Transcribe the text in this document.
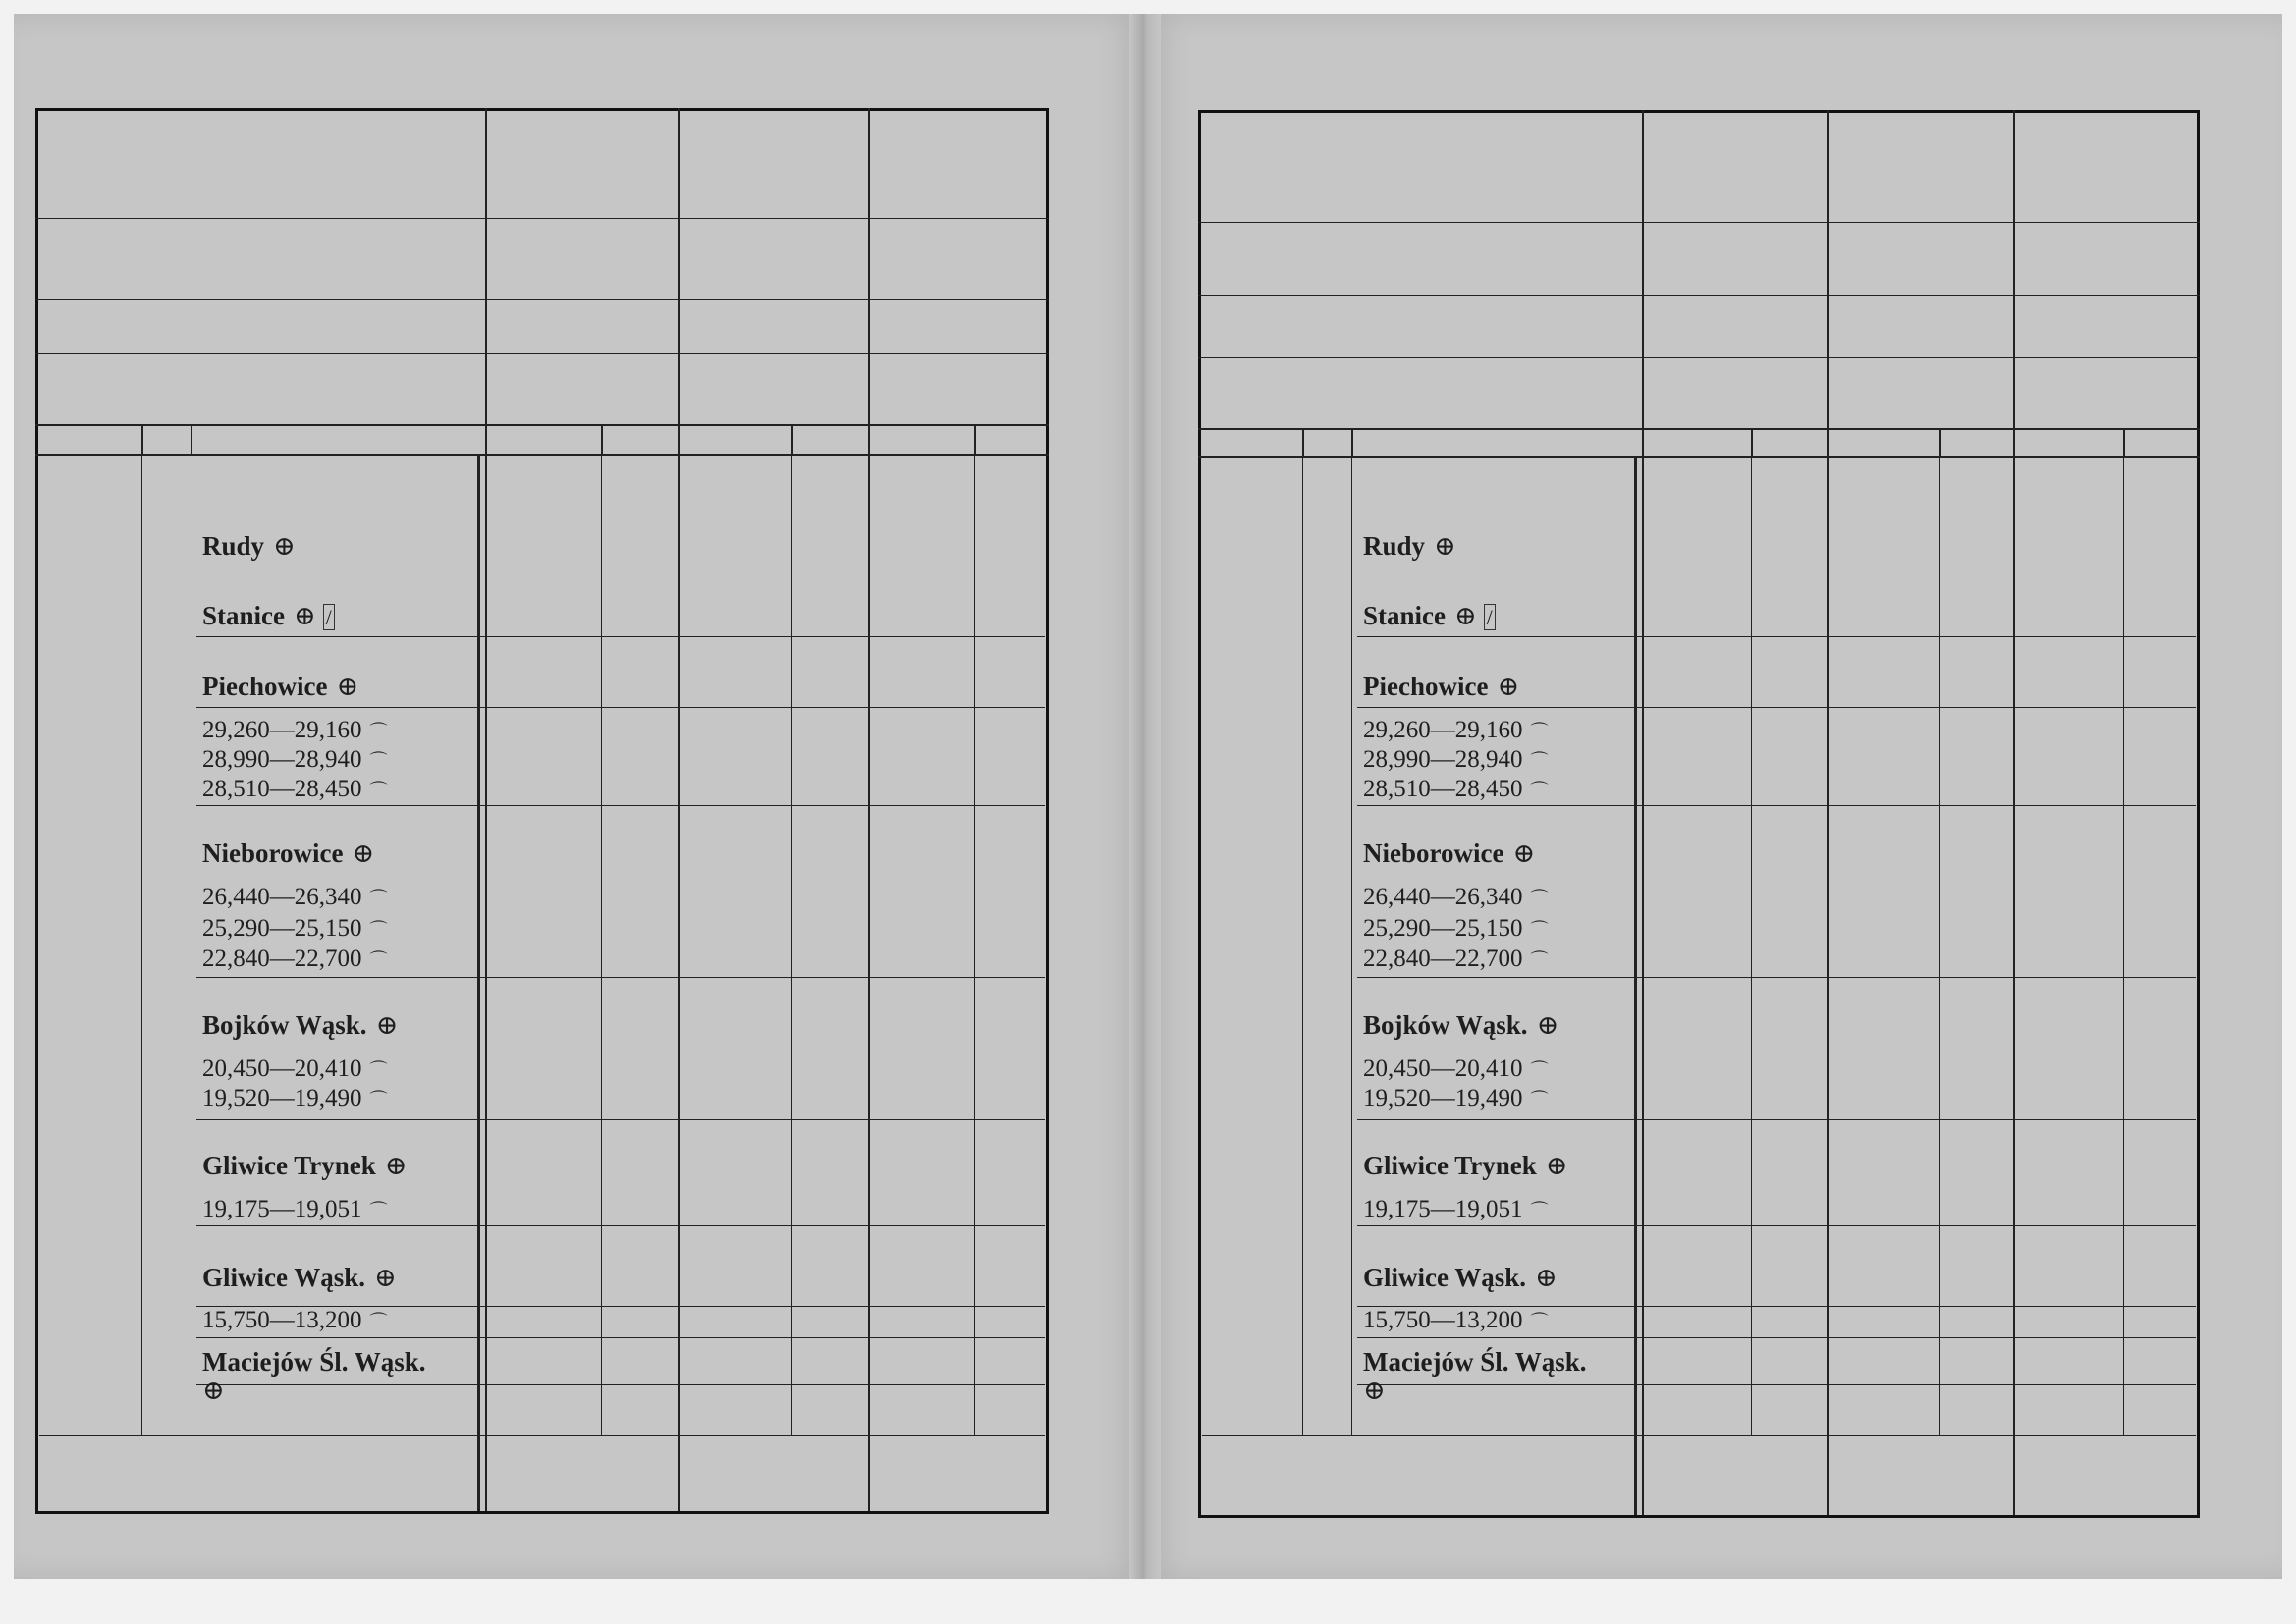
Rudy ⊕
Stanice ⊕ /
Piechowice ⊕
Nieborowice ⊕
Bojków Wąsk. ⊕
Gliwice Trynek ⊕
Gliwice Wąsk. ⊕
Maciejów Śl. Wąsk.
⊕
29,260—29,160 ⌒
28,990—28,940 ⌒
28,510—28,450 ⌒
26,440—26,340 ⌒
25,290—25,150 ⌒
22,840—22,700 ⌒
20,450—20,410 ⌒
19,520—19,490 ⌒
19,175—19,051 ⌒
15,750—13,200 ⌒
Rudy ⊕
Stanice ⊕ /
Piechowice ⊕
Nieborowice ⊕
Bojków Wąsk. ⊕
Gliwice Trynek ⊕
Gliwice Wąsk. ⊕
Maciejów Śl. Wąsk.
⊕
29,260—29,160 ⌒
28,990—28,940 ⌒
28,510—28,450 ⌒
26,440—26,340 ⌒
25,290—25,150 ⌒
22,840—22,700 ⌒
20,450—20,410 ⌒
19,520—19,490 ⌒
19,175—19,051 ⌒
15,750—13,200 ⌒
